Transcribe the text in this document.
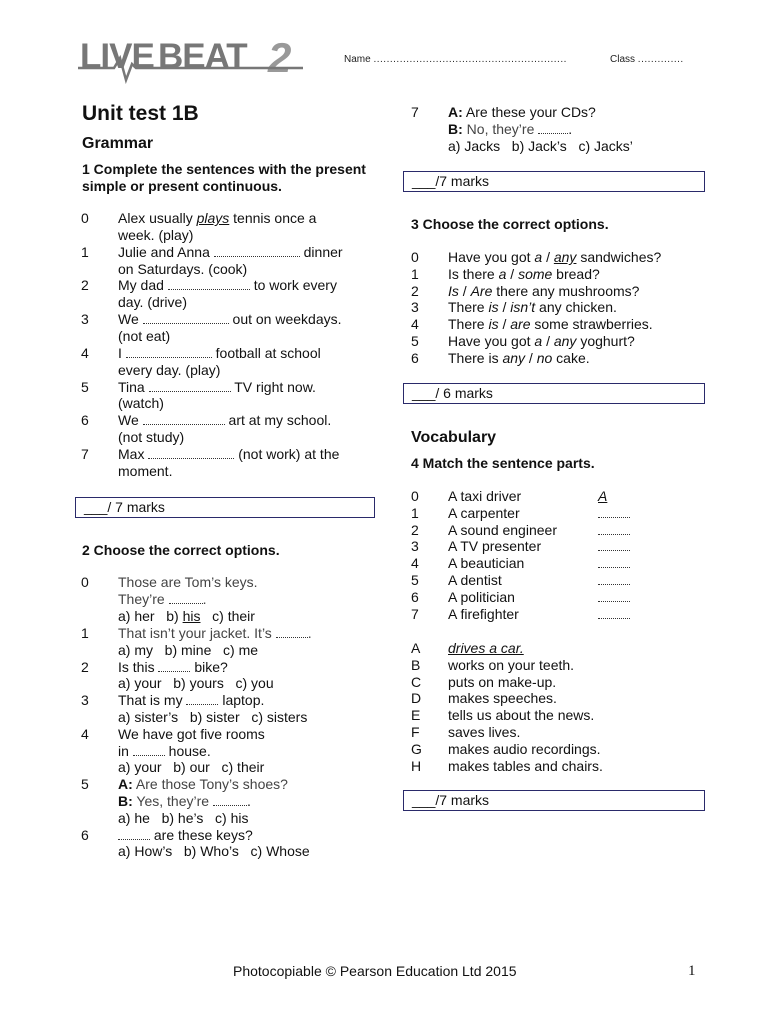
LIVE BEAT 2	Name ...........................................................	Class ..............
Unit test 1B
Grammar
1 Complete the sentences with the present simple or present continuous.
0 Alex usually plays tennis once a
week. (play)
1 Julie and Anna	dinner
on Saturdays. (cook)
2 My dad	to work every
day. (drive)
3 We	out on weekdays.
(not eat)
4 I	football at school
every day. (play)
5 Tina	TV right now.
(watch)
6 We	art at my school.
(not study)
7 Max	(not work) at the
moment.
___/ 7 marks
2 Choose the correct options.
0 Those are Tom’s keys.
They’re .
a) her b) his c) their
1 That isn’t your jacket. It’s .
a) my b) mine c) me
2 Is this  bike?
a) your b) yours c) you
3 That is my  laptop.
a) sister’s b) sister c) sisters
4 We have got five rooms
in  house.
a) your b) our c) their
5 A: Are those Tony’s shoes?
B: Yes, they’re .
a) he b) he’s c) his
6	are these keys?
a) How’s b) Who’s c) Whose
7 A: Are these your CDs?
B: No, they’re .
a) Jacks b) Jack’s c) Jacks’
___/7 marks
3 Choose the correct options.
0 Have you got a / any sandwiches?
1 Is there a / some bread?
2 Is / Are there any mushrooms?
3 There is / isn’t any chicken.
4 There is / are some strawberries.
5 Have you got a / any yoghurt?
6 There is any / no cake.
___/ 6 marks
Vocabulary
4 Match the sentence parts.
0 A taxi driver	A
1 A carpenter
2 A sound engineer
3 A TV presenter
4 A beautician
5 A dentist
6 A politician
7 A firefighter
A drives a car.
B works on your teeth.
C puts on make-up.
D makes speeches.
E tells us about the news.
F saves lives.
G makes audio recordings.
H makes tables and chairs.
___/7 marks
Photocopiable © Pearson Education Ltd 2015	1
